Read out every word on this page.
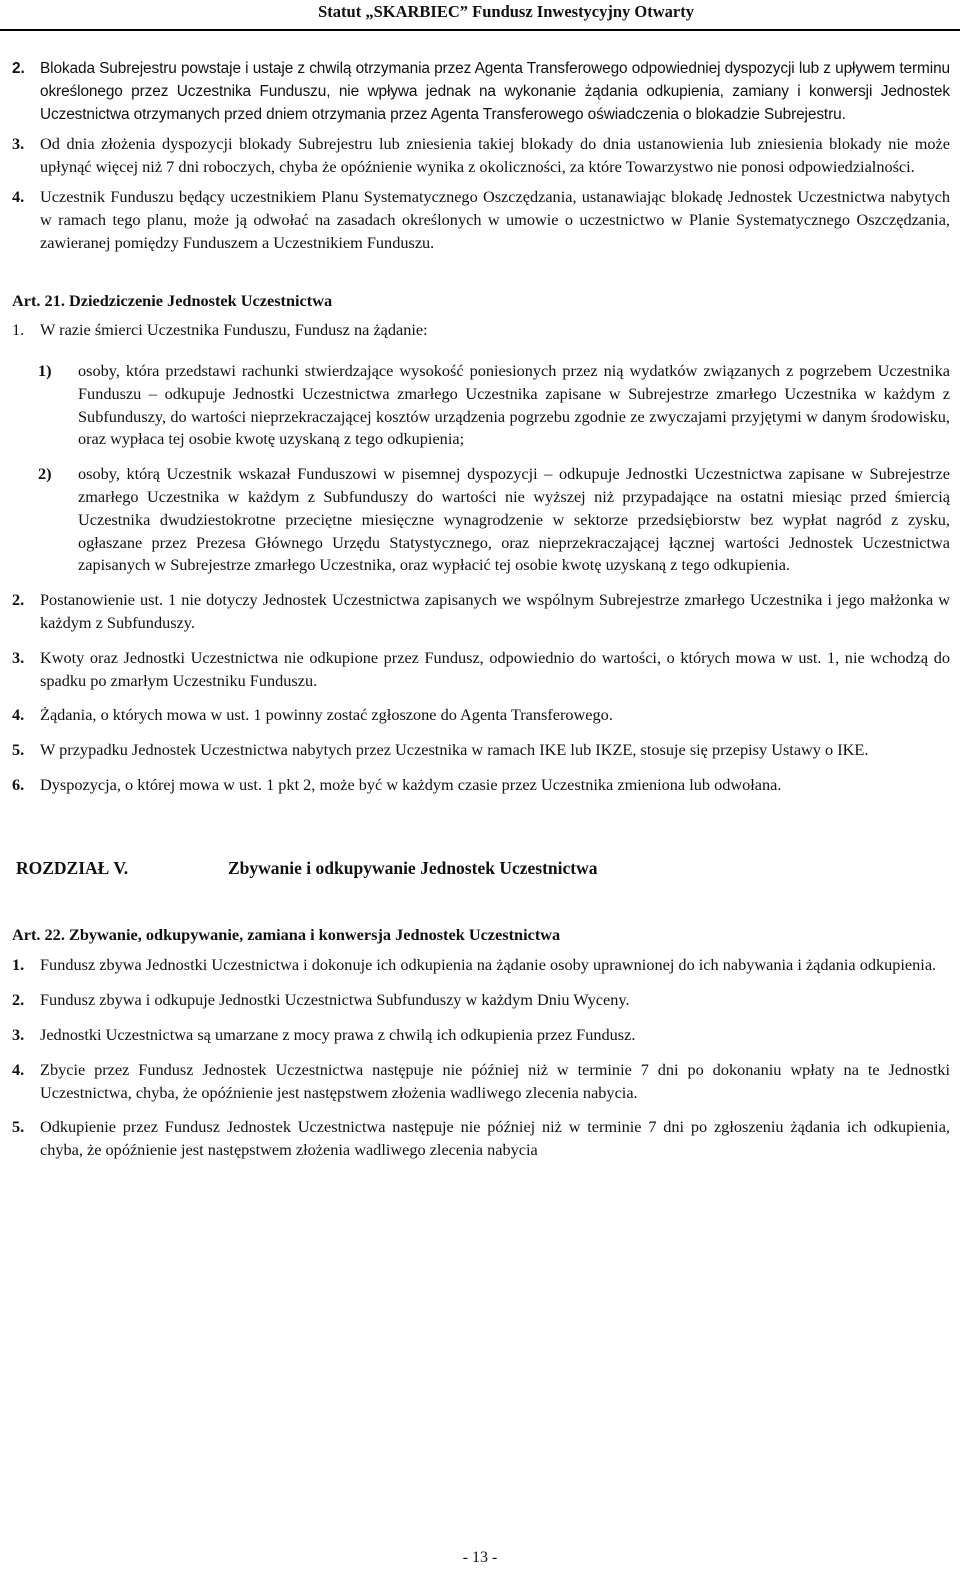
Statut „SKARBIEC” Fundusz Inwestycyjny Otwarty
2. Blokada Subrejestru powstaje i ustaje z chwilą otrzymania przez Agenta Transferowego odpowiedniej dyspozycji lub z upływem terminu określonego przez Uczestnika Funduszu, nie wpływa jednak na wykonanie żądania odkupienia, zamiany i konwersji Jednostek Uczestnictwa otrzymanych przed dniem otrzymania przez Agenta Transferowego oświadczenia o blokadzie Subrejestru.
3. Od dnia złożenia dyspozycji blokady Subrejestru lub zniesienia takiej blokady do dnia ustanowienia lub zniesienia blokady nie może upłynąć więcej niż 7 dni roboczych, chyba że opóźnienie wynika z okoliczności, za które Towarzystwo nie ponosi odpowiedzialności.
4. Uczestnik Funduszu będący uczestnikiem Planu Systematycznego Oszczędzania, ustanawiając blokadę Jednostek Uczestnictwa nabytych w ramach tego planu, może ją odwołać na zasadach określonych w umowie o uczestnictwo w Planie Systematycznego Oszczędzania, zawieranej pomiędzy Funduszem a Uczestnikiem Funduszu.
Art. 21. Dziedziczenie Jednostek Uczestnictwa
1. W razie śmierci Uczestnika Funduszu, Fundusz na żądanie:
1)	osoby, która przedstawi rachunki stwierdzające wysokość poniesionych przez nią wydatków związanych z pogrzebem Uczestnika Funduszu – odkupuje Jednostki Uczestnictwa zmarłego Uczestnika zapisane w Subrejestrze zmarłego Uczestnika w każdym z Subfunduszy, do wartości nieprzekraczającej kosztów urządzenia pogrzebu zgodnie ze zwyczajami przyjętymi w danym środowisku, oraz wypłaca tej osobie kwotę uzyskaną z tego odkupienia;
2)	osoby, którą Uczestnik wskazał Funduszowi w pisemnej dyspozycji – odkupuje Jednostki Uczestnictwa zapisane w Subrejestrze zmarłego Uczestnika w każdym z Subfunduszy do wartości nie wyższej niż przypadające na ostatni miesiąc przed śmiercią Uczestnika dwudziestokrotne przeciętne miesięczne wynagrodzenie w sektorze przedsiębiorstw bez wypłat nagród z zysku, ogłaszane przez Prezesa Głównego Urzędu Statystycznego, oraz nieprzekraczającej łącznej wartości Jednostek Uczestnictwa zapisanych w Subrejestrze zmarłego Uczestnika, oraz wypłacić tej osobie kwotę uzyskaną z tego odkupienia.
2. Postanowienie ust. 1 nie dotyczy Jednostek Uczestnictwa zapisanych we wspólnym Subrejestrze zmarłego Uczestnika i jego małżonka w każdym z Subfunduszy.
3. Kwoty oraz Jednostki Uczestnictwa nie odkupione przez Fundusz, odpowiednio do wartości, o których mowa w ust. 1, nie wchodzą do spadku po zmarłym Uczestniku Funduszu.
4. Żądania, o których mowa w ust. 1 powinny zostać zgłoszone do Agenta Transferowego.
5. W przypadku Jednostek Uczestnictwa nabytych przez Uczestnika w ramach IKE lub IKZE, stosuje się przepisy Ustawy o IKE.
6. Dyspozycja, o której mowa w ust. 1 pkt 2, może być w każdym czasie przez Uczestnika zmieniona lub odwołana.
ROZDZIAŁ V.	Zbywanie i odkupywanie Jednostek Uczestnictwa
Art. 22. Zbywanie, odkupywanie, zamiana i konwersja Jednostek Uczestnictwa
1. Fundusz zbywa Jednostki Uczestnictwa i dokonuje ich odkupienia na żądanie osoby uprawnionej do ich nabywania i żądania odkupienia.
2. Fundusz zbywa i odkupuje Jednostki Uczestnictwa Subfunduszy w każdym Dniu Wyceny.
3. Jednostki Uczestnictwa są umarzane z mocy prawa z chwilą ich odkupienia przez Fundusz.
4. Zbycie przez Fundusz Jednostek Uczestnictwa następuje nie później niż w terminie 7 dni po dokonaniu wpłaty na te Jednostki Uczestnictwa, chyba, że opóźnienie jest następstwem złożenia wadliwego zlecenia nabycia.
5. Odkupienie przez Fundusz Jednostek Uczestnictwa następuje nie później niż w terminie 7 dni po zgłoszeniu żądania ich odkupienia, chyba, że opóźnienie jest następstwem złożenia wadliwego zlecenia nabycia
- 13 -
